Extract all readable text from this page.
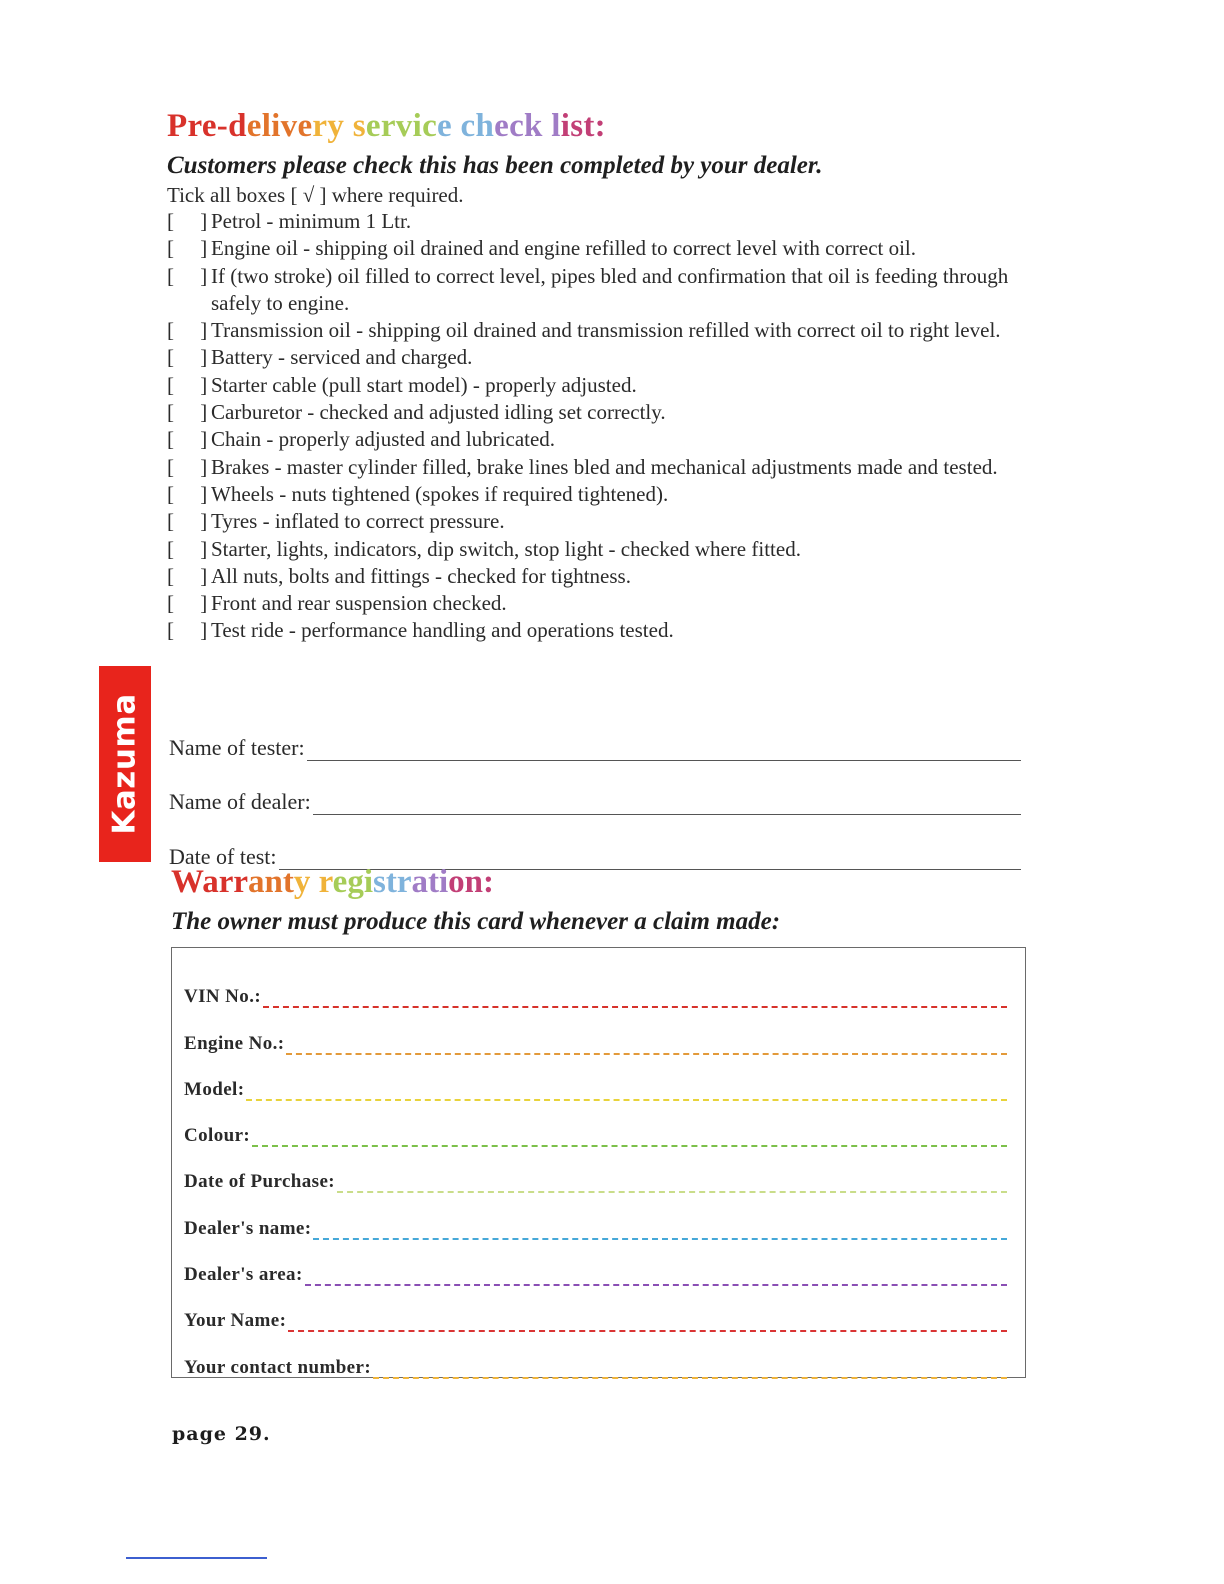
Pre-delivery service check list:

Customers please check this has been completed by your dealer.

Tick all boxes [ √ ] where required.
[     ] Petrol - minimum 1 Ltr.
[     ] Engine oil - shipping oil drained and engine refilled to correct level with correct oil.
[     ] If (two stroke) oil filled to correct level, pipes bled and confirmation that oil is feeding through safely to engine.
[     ] Transmission oil - shipping oil drained and transmission refilled with correct oil to right level.
[     ] Battery - serviced and charged.
[     ] Starter cable (pull start model) - properly adjusted.
[     ] Carburetor - checked and adjusted idling set correctly.
[     ] Chain - properly adjusted and lubricated.
[     ] Brakes - master cylinder filled, brake lines bled and mechanical adjustments made and tested.
[     ] Wheels - nuts tightened (spokes if required tightened).
[     ] Tyres - inflated to correct pressure.
[     ] Starter, lights, indicators, dip switch, stop light - checked where fitted.
[     ] All nuts, bolts and fittings - checked for tightness.
[     ] Front and rear suspension checked.
[     ] Test ride - performance handling and operations tested.
Name of tester:
Name of dealer:
Date of test:
Kazuma
Warranty registration:

The owner must produce this card whenever a claim made:

VIN No.:
Engine No.:
Model:
Colour:
Date of Purchase:
Dealer's name:
Dealer's area:
Your Name:
Your contact number:
page 29.
